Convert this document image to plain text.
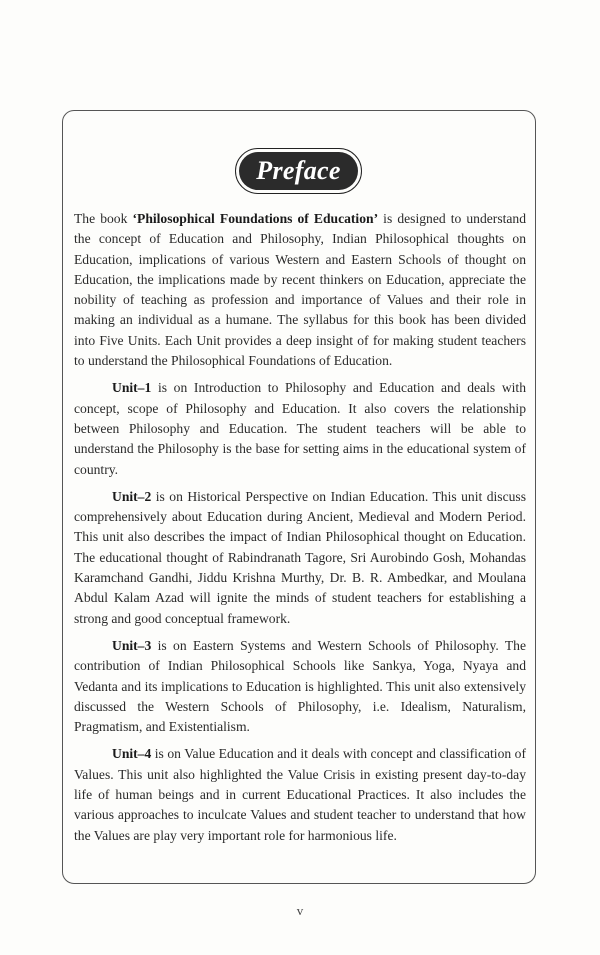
Preface

The book ‘Philosophical Foundations of Education’ is designed to understand the concept of Education and Philosophy, Indian Philosophical thoughts on Education, implications of various Western and Eastern Schools of thought on Education, the implications made by recent thinkers on Education, appreciate the nobility of teaching as profession and importance of Values and their role in making an individual as a humane. The syllabus for this book has been divided into Five Units. Each Unit provides a deep insight of for making student teachers to understand the Philosophical Foundations of Education.

Unit–1 is on Introduction to Philosophy and Education and deals with concept, scope of Philosophy and Education. It also covers the relationship between Philosophy and Education. The student teachers will be able to understand the Philosophy is the base for setting aims in the educational system of country.

Unit–2 is on Historical Perspective on Indian Education. This unit discuss comprehensively about Education during Ancient, Medieval and Modern Period. This unit also describes the impact of Indian Philosophical thought on Education. The educational thought of Rabindranath Tagore, Sri Aurobindo Gosh, Mohandas Karamchand Gandhi, Jiddu Krishna Murthy, Dr. B. R. Ambedkar, and Moulana Abdul Kalam Azad will ignite the minds of student teachers for establishing a strong and good conceptual framework.

Unit–3 is on Eastern Systems and Western Schools of Philosophy. The contribution of Indian Philosophical Schools like Sankya, Yoga, Nyaya and Vedanta and its implications to Education is highlighted. This unit also extensively discussed the Western Schools of Philosophy, i.e. Idealism, Naturalism, Pragmatism, and Existentialism.

Unit–4 is on Value Education and it deals with concept and classification of Values. This unit also highlighted the Value Crisis in existing present day-to-day life of human beings and in current Educational Practices. It also includes the various approaches to inculcate Values and student teacher to understand that how the Values are play very important role for harmonious life.

v
